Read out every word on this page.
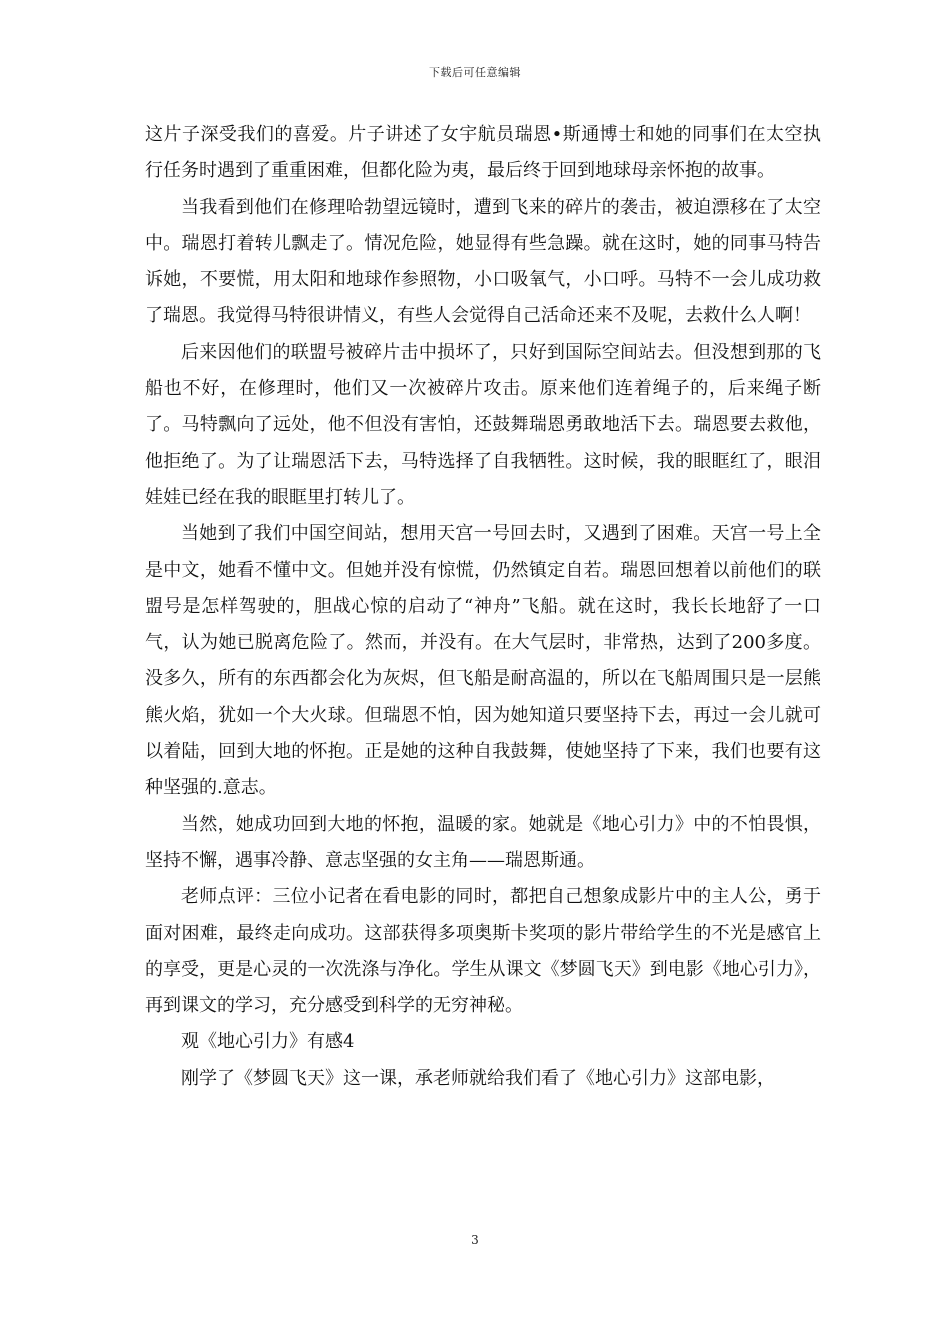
下载后可任意编辑

这片子深受我们的喜爱。片子讲述了女宇航员瑞恩•斯通博士和她的同事们在太空执行任务时遇到了重重困难，但都化险为夷，最后终于回到地球母亲怀抱的故事。

当我看到他们在修理哈勃望远镜时，遭到飞来的碎片的袭击，被迫漂移在了太空中。瑞恩打着转儿飘走了。情况危险，她显得有些急躁。就在这时，她的同事马特告诉她，不要慌，用太阳和地球作参照物，小口吸氧气，小口呼。马特不一会儿成功救了瑞恩。我觉得马特很讲情义，有些人会觉得自己活命还来不及呢，去救什么人啊！

后来因他们的联盟号被碎片击中损坏了，只好到国际空间站去。但没想到那的飞船也不好，在修理时，他们又一次被碎片攻击。原来他们连着绳子的，后来绳子断了。马特飘向了远处，他不但没有害怕，还鼓舞瑞恩勇敢地活下去。瑞恩要去救他，他拒绝了。为了让瑞恩活下去，马特选择了自我牺牲。这时候，我的眼眶红了，眼泪娃娃已经在我的眼眶里打转儿了。

当她到了我们中国空间站，想用天宫一号回去时，又遇到了困难。天宫一号上全是中文，她看不懂中文。但她并没有惊慌，仍然镇定自若。瑞恩回想着以前他们的联盟号是怎样驾驶的，胆战心惊的启动了“神舟”飞船。就在这时，我长长地舒了一口气，认为她已脱离危险了。然而，并没有。在大气层时，非常热，达到了200多度。没多久，所有的东西都会化为灰烬，但飞船是耐高温的，所以在飞船周围只是一层熊熊火焰，犹如一个大火球。但瑞恩不怕，因为她知道只要坚持下去，再过一会儿就可以着陆，回到大地的怀抱。正是她的这种自我鼓舞，使她坚持了下来，我们也要有这种坚强的.意志。

当然，她成功回到大地的怀抱，温暖的家。她就是《地心引力》中的不怕畏惧，坚持不懈，遇事冷静、意志坚强的女主角——瑞恩斯通。

老师点评：三位小记者在看电影的同时，都把自己想象成影片中的主人公，勇于面对困难，最终走向成功。这部获得多项奥斯卡奖项的影片带给学生的不光是感官上的享受，更是心灵的一次洗涤与净化。学生从课文《梦圆飞天》到电影《地心引力》，再到课文的学习，充分感受到科学的无穷神秘。

观《地心引力》有感4

刚学了《梦圆飞天》这一课，承老师就给我们看了《地心引力》这部电影，

3
